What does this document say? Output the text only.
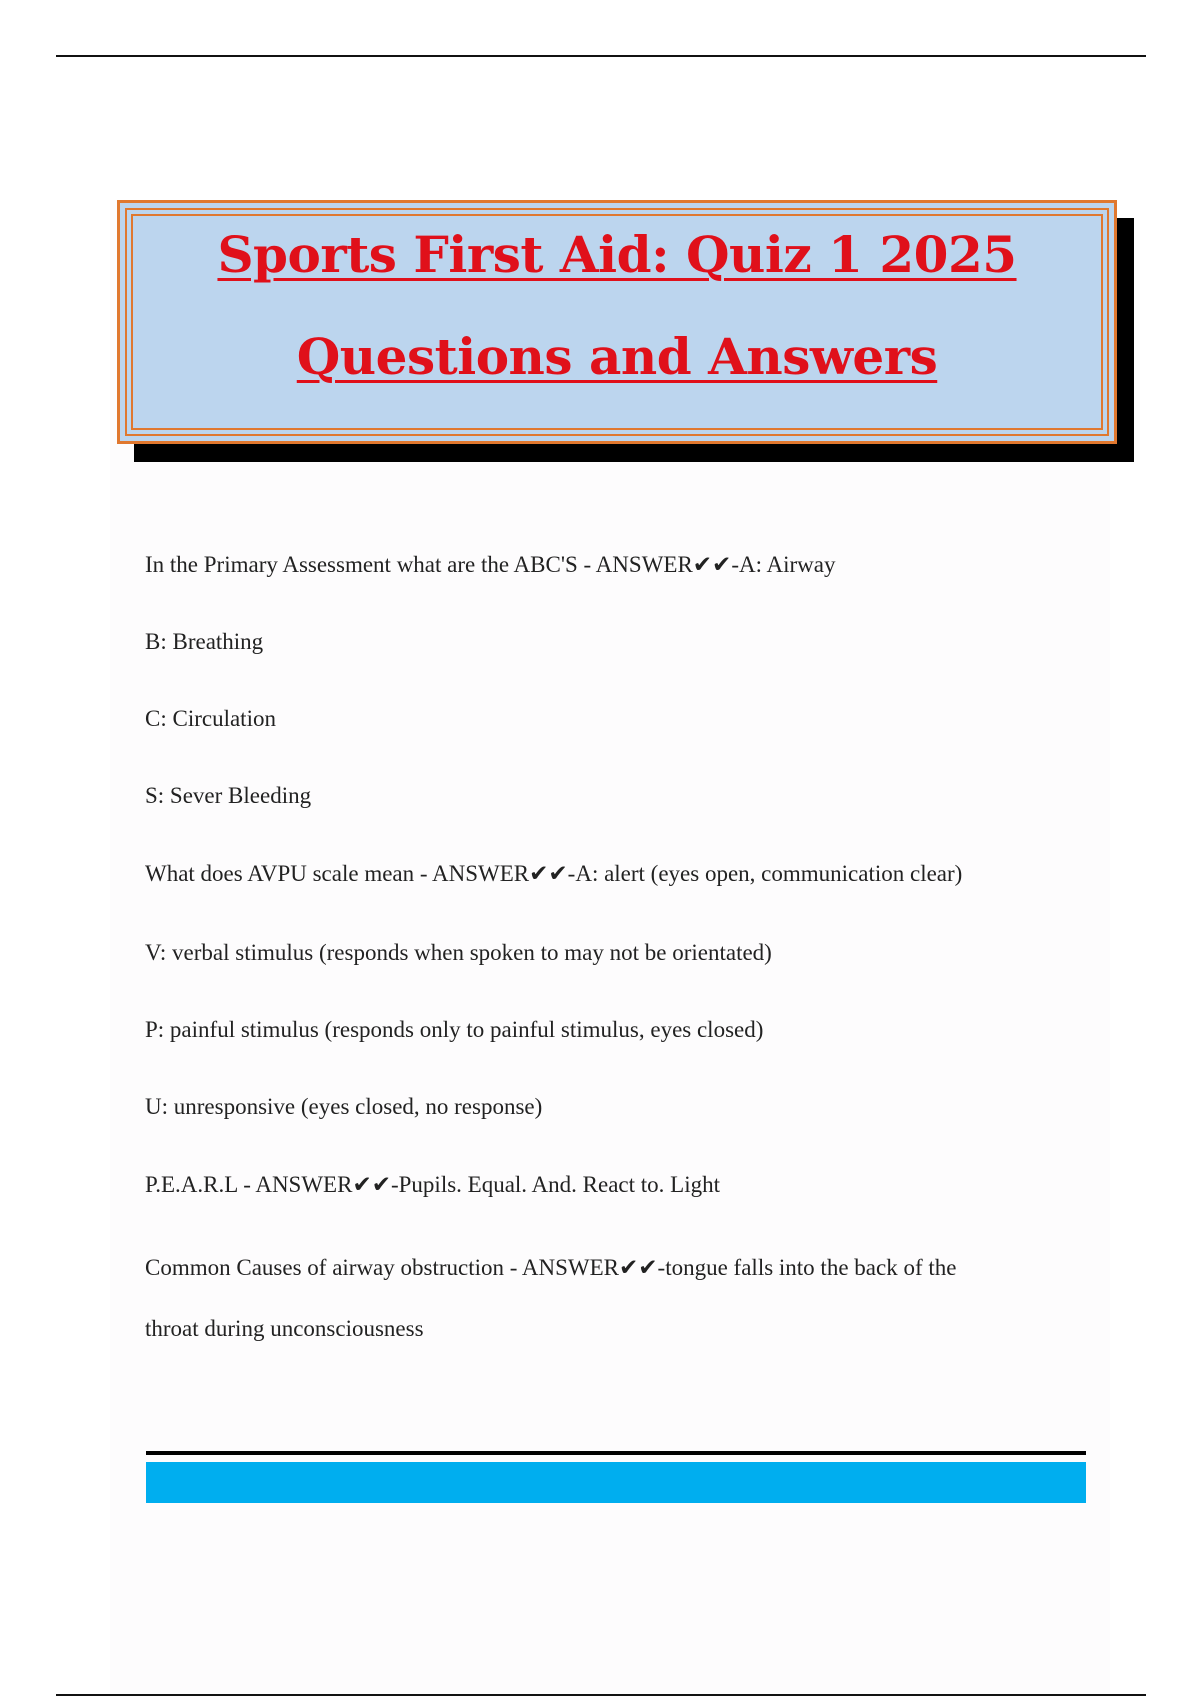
Sports First Aid: Quiz 1 2025
Questions and Answers
In the Primary Assessment what are the ABC'S - ANSWER✔✔-A: Airway
B: Breathing
C: Circulation
S: Sever Bleeding
What does AVPU scale mean - ANSWER✔✔-A: alert (eyes open, communication clear)
V: verbal stimulus (responds when spoken to may not be orientated)
P: painful stimulus (responds only to painful stimulus, eyes closed)
U: unresponsive (eyes closed, no response)
P.E.A.R.L - ANSWER✔✔-Pupils. Equal. And. React to. Light
Common Causes of airway obstruction - ANSWER✔✔-tongue falls into the back of the
throat during unconsciousness
